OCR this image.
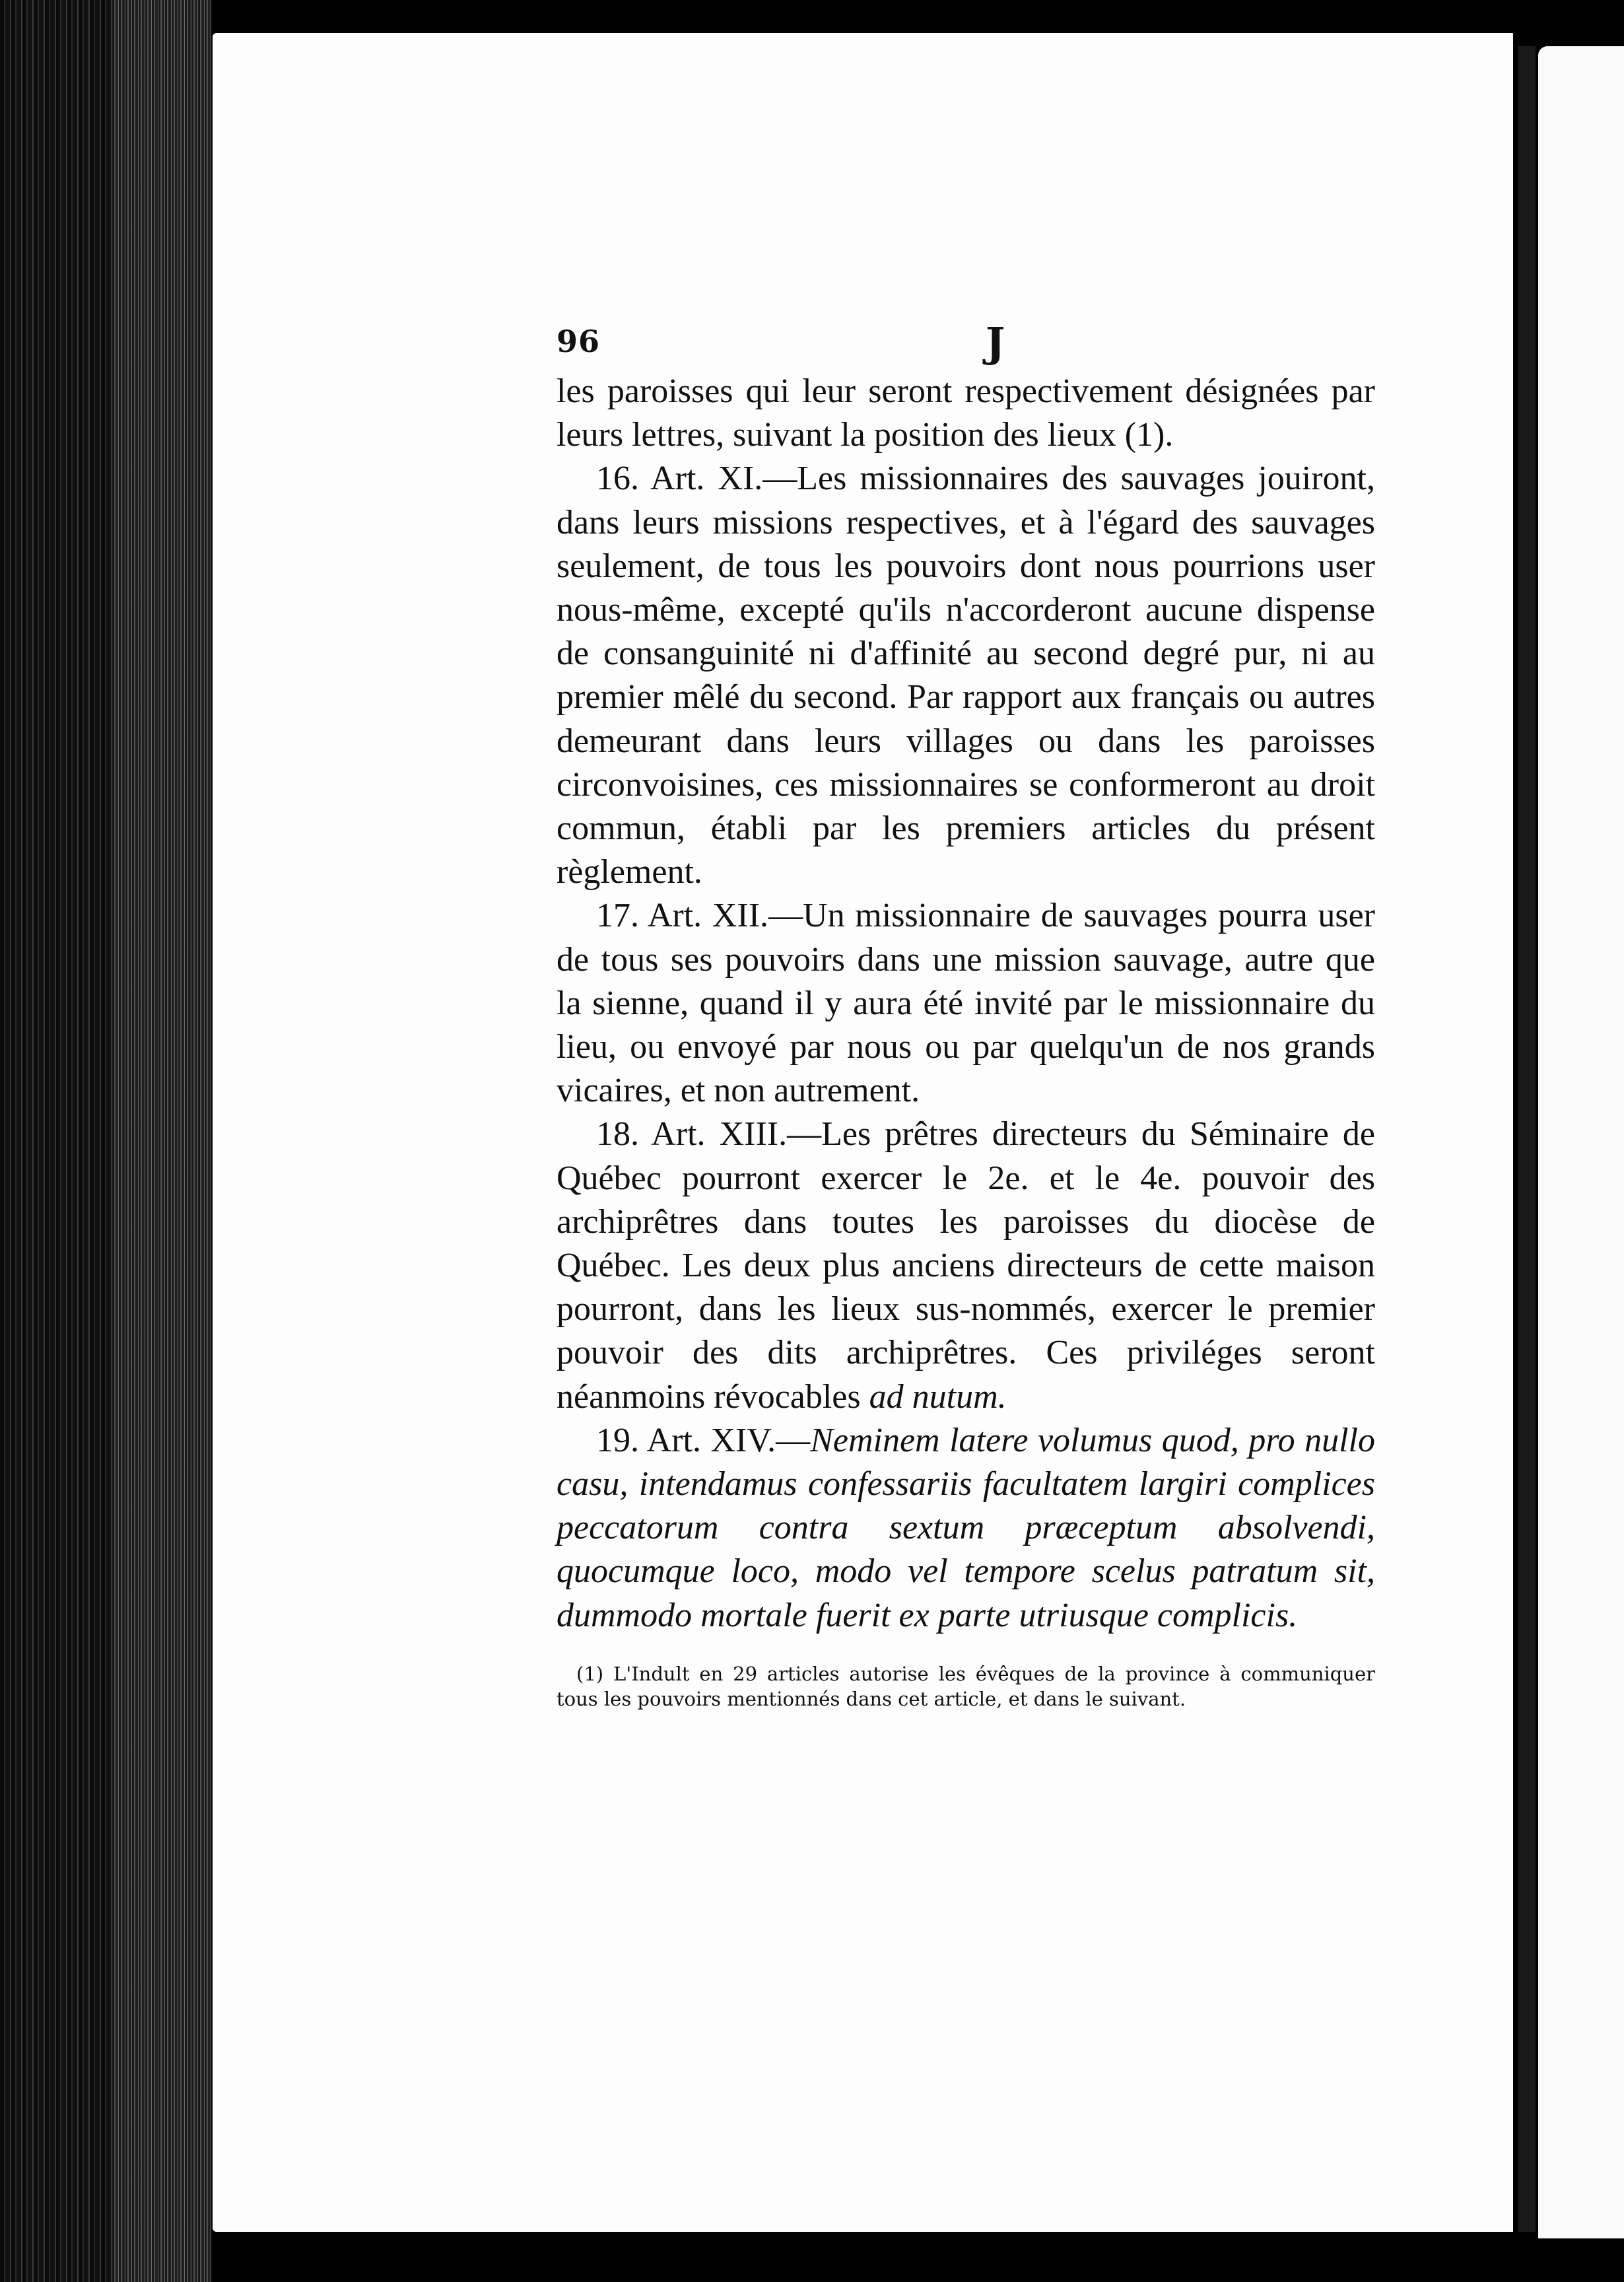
96	J

les paroisses qui leur seront respectivement désignées par leurs lettres, suivant la position des lieux (1).

16. Art. XI.—Les missionnaires des sauvages jouiront, dans leurs missions respectives, et à l'égard des sauvages seulement, de tous les pouvoirs dont nous pourrions user nous-même, excepté qu'ils n'accorderont aucune dispense de consanguinité ni d'affinité au second degré pur, ni au premier mêlé du second. Par rapport aux français ou autres demeurant dans leurs villages ou dans les paroisses circonvoisines, ces missionnaires se conformeront au droit commun, établi par les premiers articles du présent règlement.

17. Art. XII.—Un missionnaire de sauvages pourra user de tous ses pouvoirs dans une mission sauvage, autre que la sienne, quand il y aura été invité par le missionnaire du lieu, ou envoyé par nous ou par quelqu'un de nos grands vicaires, et non autrement.

18. Art. XIII.—Les prêtres directeurs du Séminaire de Québec pourront exercer le 2e. et le 4e. pouvoir des archiprêtres dans toutes les paroisses du diocèse de Québec. Les deux plus anciens directeurs de cette maison pourront, dans les lieux sus-nommés, exercer le premier pouvoir des dits archiprêtres. Ces priviléges seront néanmoins révocables ad nutum.

19. Art. XIV.—Neminem latere volumus quod, pro nullo casu, intendamus confessariis facultatem largiri complices peccatorum contra sextum præceptum absolvendi, quocumque loco, modo vel tempore scelus patratum sit, dummodo mortale fuerit ex parte utriusque complicis.

(1) L'Indult en 29 articles autorise les évêques de la province à communiquer tous les pouvoirs mentionnés dans cet article, et dans le suivant.
